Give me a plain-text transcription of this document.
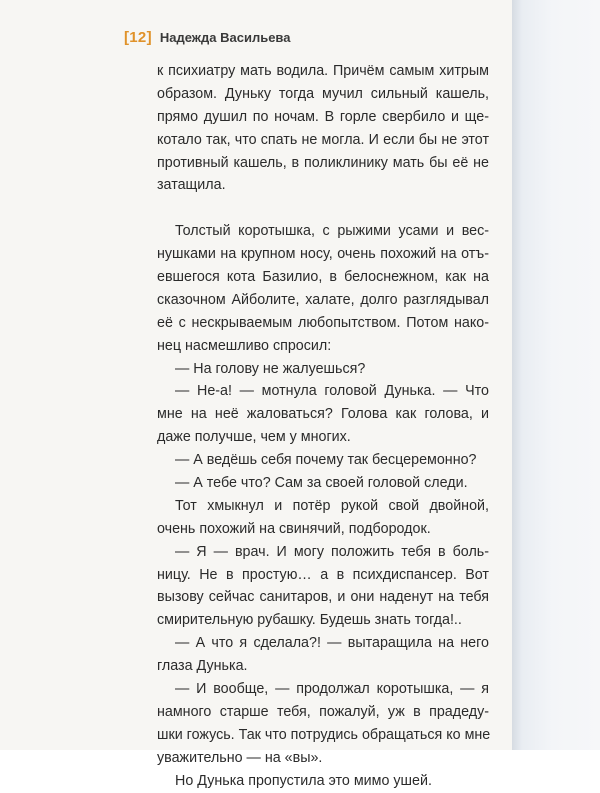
[12] Надежда Васильева
к психиатру мать водила. Причём самым хитрым
образом. Дуньку тогда мучил сильный кашель,
прямо душил по ночам. В горле свербило и ще-
котало так, что спать не могла. И если бы не этот
противный кашель, в поликлинику мать бы её не
затащила.
Толстый коротышка, с рыжими усами и вес-
нушками на крупном носу, очень похожий на отъ-
евшегося кота Базилио, в белоснежном, как на
сказочном Айболите, халате, долго разглядывал
её с нескрываемым любопытством. Потом нако-
нец насмешливо спросил:
— На голову не жалуешься?
— Не-а! — мотнула головой Дунька. — Что
мне на неё жаловаться? Голова как голова, и
даже получше, чем у многих.
— А ведёшь себя почему так бесцеремонно?
— А тебе что? Сам за своей головой следи.
Тот хмыкнул и потёр рукой свой двойной,
очень похожий на свинячий, подбородок.
— Я — врач. И могу положить тебя в боль-
ницу. Не в простую… а в психдиспансер. Вот
вызову сейчас санитаров, и они наденут на тебя
смирительную рубашку. Будешь знать тогда!..
— А что я сделала?! — вытаращила на него
глаза Дунька.
— И вообще, — продолжал коротышка, — я
намного старше тебя, пожалуй, уж в прадеду-
шки гожусь. Так что потрудись обращаться ко мне
уважительно — на «вы».
Но Дунька пропустила это мимо ушей.
